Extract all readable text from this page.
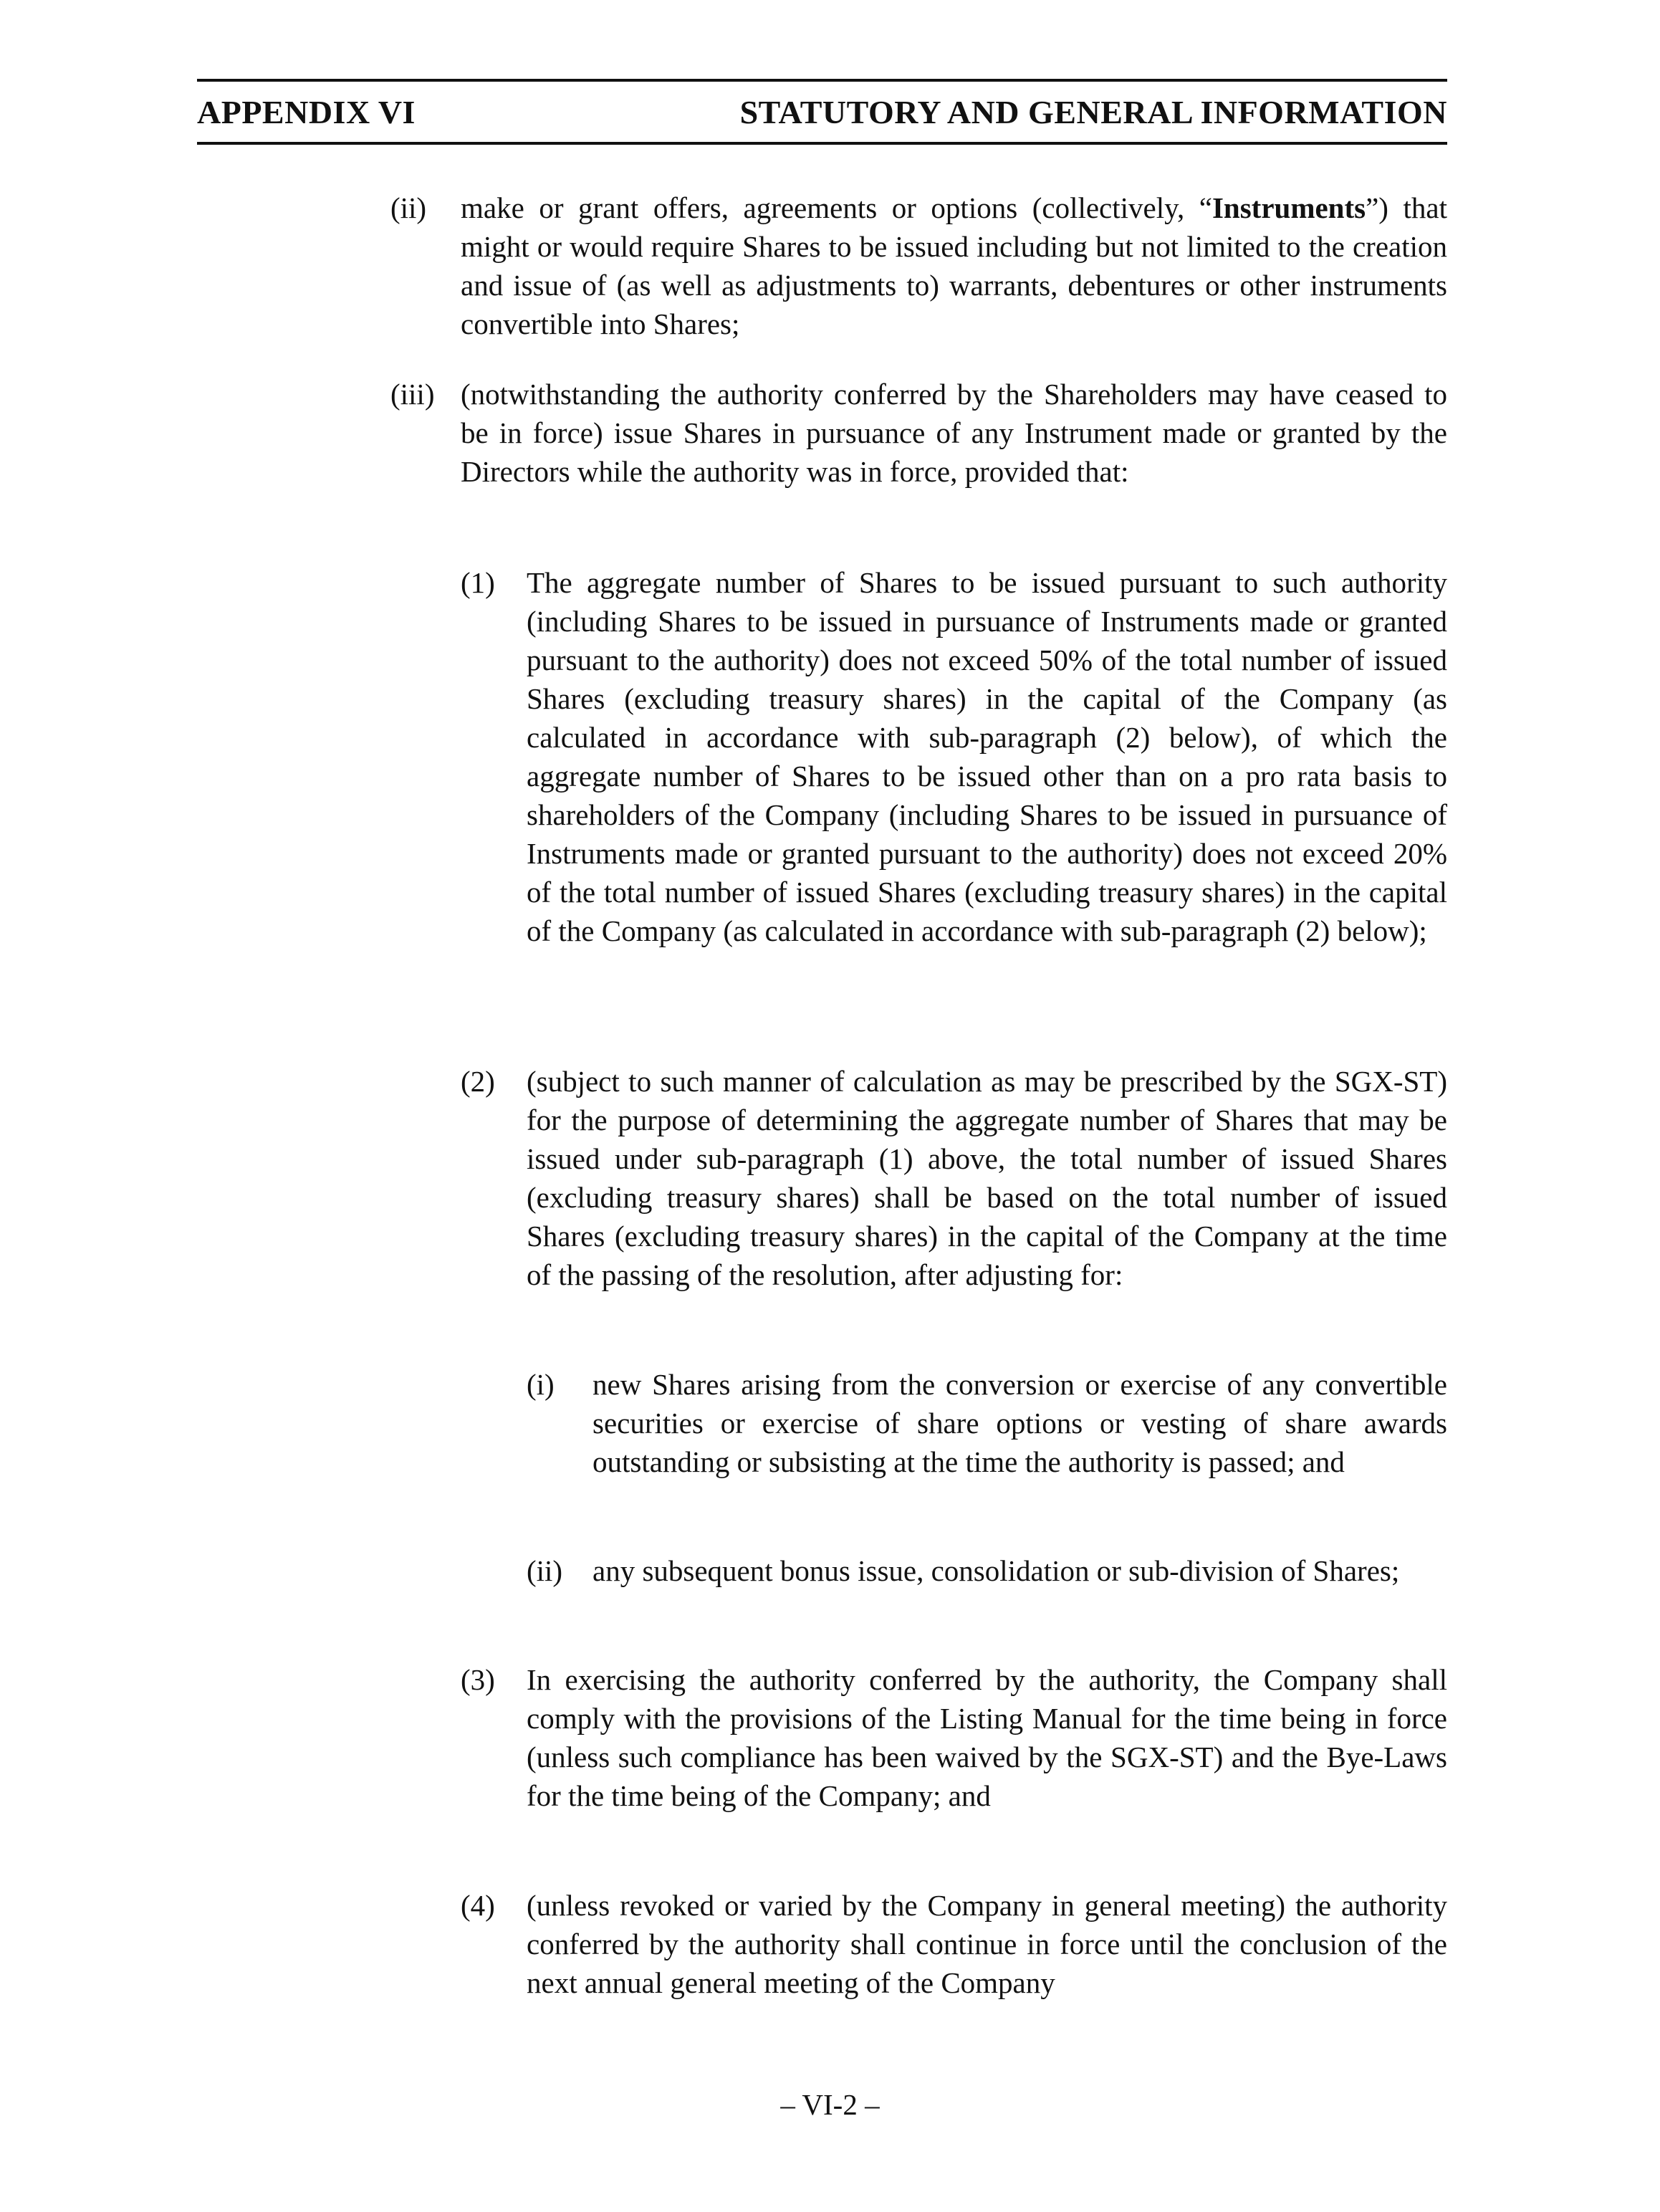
APPENDIX VI	STATUTORY AND GENERAL INFORMATION
(ii) make or grant offers, agreements or options (collectively, “Instruments”) that might or would require Shares to be issued including but not limited to the creation and issue of (as well as adjustments to) warrants, debentures or other instruments convertible into Shares;
(iii) (notwithstanding the authority conferred by the Shareholders may have ceased to be in force) issue Shares in pursuance of any Instrument made or granted by the Directors while the authority was in force, provided that:
(1) The aggregate number of Shares to be issued pursuant to such authority (including Shares to be issued in pursuance of Instruments made or granted pursuant to the authority) does not exceed 50% of the total number of issued Shares (excluding treasury shares) in the capital of the Company (as calculated in accordance with sub-paragraph (2) below), of which the aggregate number of Shares to be issued other than on a pro rata basis to shareholders of the Company (including Shares to be issued in pursuance of Instruments made or granted pursuant to the authority) does not exceed 20% of the total number of issued Shares (excluding treasury shares) in the capital of the Company (as calculated in accordance with sub-paragraph (2) below);
(2) (subject to such manner of calculation as may be prescribed by the SGX-ST) for the purpose of determining the aggregate number of Shares that may be issued under sub-paragraph (1) above, the total number of issued Shares (excluding treasury shares) shall be based on the total number of issued Shares (excluding treasury shares) in the capital of the Company at the time of the passing of the resolution, after adjusting for:
(i) new Shares arising from the conversion or exercise of any convertible securities or exercise of share options or vesting of share awards outstanding or subsisting at the time the authority is passed; and
(ii) any subsequent bonus issue, consolidation or sub-division of Shares;
(3) In exercising the authority conferred by the authority, the Company shall comply with the provisions of the Listing Manual for the time being in force (unless such compliance has been waived by the SGX-ST) and the Bye-Laws for the time being of the Company; and
(4) (unless revoked or varied by the Company in general meeting) the authority conferred by the authority shall continue in force until the conclusion of the next annual general meeting of the Company
– VI-2 –
